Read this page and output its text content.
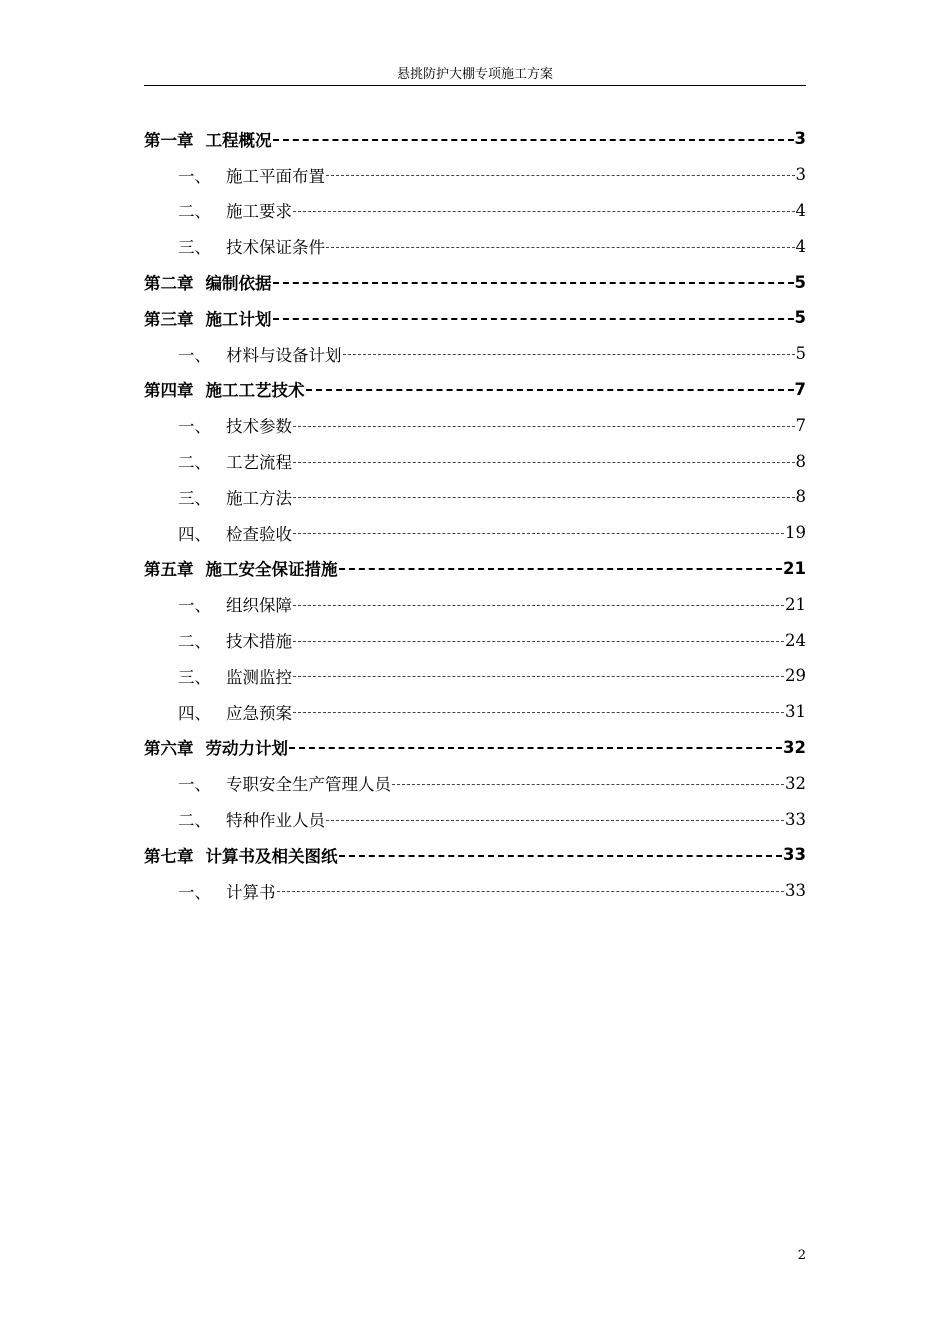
悬挑防护大棚专项施工方案
第一章 工程概况	3
一、 施工平面布置	3
二、 施工要求	4
三、 技术保证条件	4
第二章 编制依据	5
第三章 施工计划	5
一、 材料与设备计划	5
第四章 施工工艺技术	7
一、 技术参数	7
二、 工艺流程	8
三、 施工方法	8
四、 检查验收	19
第五章 施工安全保证措施	21
一、 组织保障	21
二、 技术措施	24
三、 监测监控	29
四、 应急预案	31
第六章 劳动力计划	32
一、 专职安全生产管理人员	32
二、 特种作业人员	33
第七章 计算书及相关图纸	33
一、 计算书	33
2
